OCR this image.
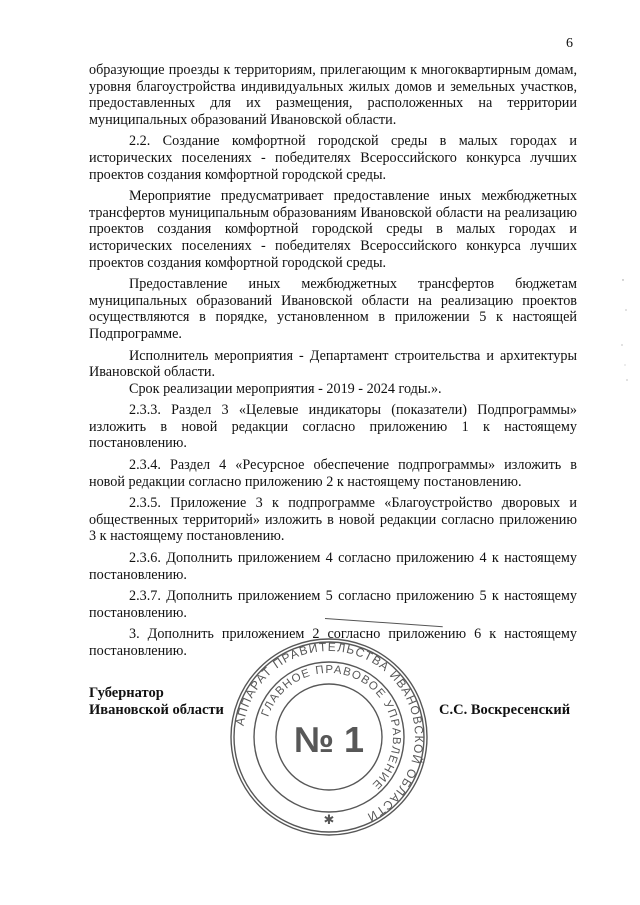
6

образующие проезды к территориям, прилегающим к многоквартирным домам, уровня благоустройства индивидуальных жилых домов и земельных участков, предоставленных для их размещения, расположенных на территории муниципальных образований Ивановской области.

2.2. Создание комфортной городской среды в малых городах и исторических поселениях - победителях Всероссийского конкурса лучших проектов создания комфортной городской среды.

Мероприятие предусматривает предоставление иных межбюджетных трансфертов муниципальным образованиям Ивановской области на реализацию проектов создания комфортной городской среды в малых городах и исторических поселениях - победителях Всероссийского конкурса лучших проектов создания комфортной городской среды.

Предоставление иных межбюджетных трансфертов бюджетам муниципальных образований Ивановской области на реализацию проектов осуществляются в порядке, установленном в приложении 5 к настоящей Подпрограмме.

Исполнитель мероприятия - Департамент строительства и архитектуры Ивановской области.

Срок реализации мероприятия - 2019 - 2024 годы.».

2.3.3. Раздел 3 «Целевые индикаторы (показатели) Подпрограммы» изложить в новой редакции согласно приложению 1 к настоящему постановлению.

2.3.4. Раздел 4 «Ресурсное обеспечение подпрограммы» изложить в новой редакции согласно приложению 2 к настоящему постановлению.

2.3.5. Приложение 3 к подпрограмме «Благоустройство дворовых и общественных территорий» изложить в новой редакции согласно приложению 3 к настоящему постановлению.

2.3.6. Дополнить приложением 4 согласно приложению 4 к настоящему постановлению.

2.3.7. Дополнить приложением 5 согласно приложению 5 к настоящему постановлению.

3. Дополнить приложением 2 согласно приложению 6 к настоящему постановлению.

Губернатор
Ивановской области	С.С. Воскресенский
АППАРАТ ПРАВИТЕЛЬСТВА ИВАНОВСКОЙ ОБЛАСТИ
ГЛАВНОЕ ПРАВОВОЕ УПРАВЛЕНИЕ
№ 1
✱
